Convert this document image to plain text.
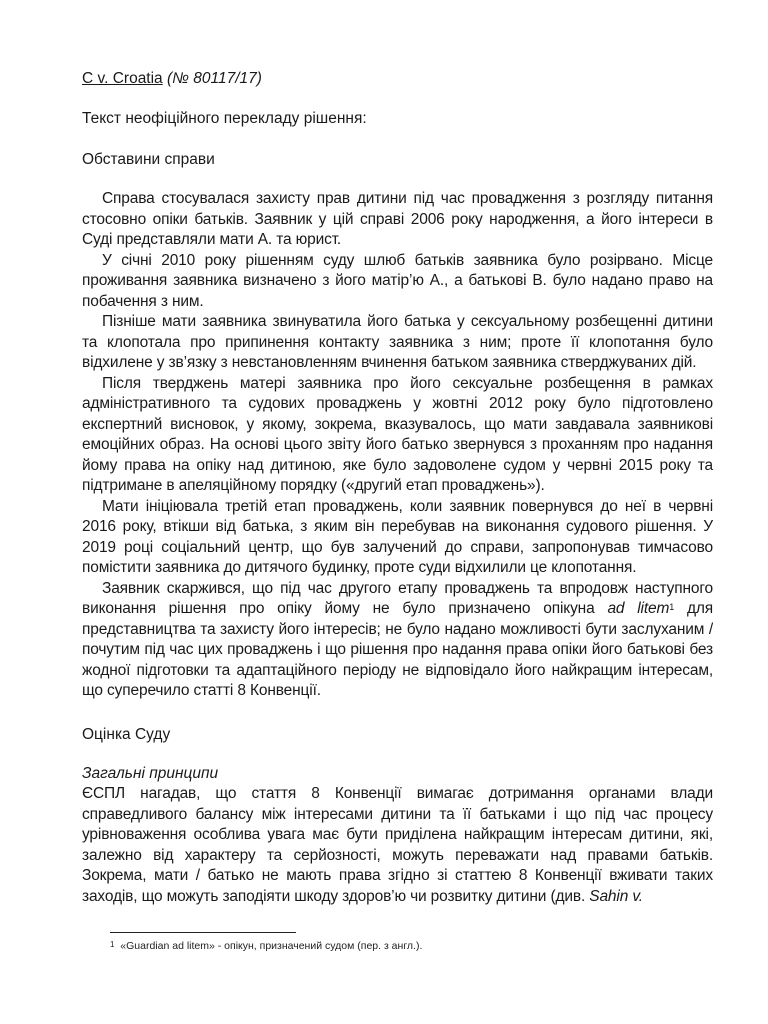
C v. Croatia (№ 80117/17)

Текст неофіційного перекладу рішення:

Обставини справи

Справа стосувалася захисту прав дитини під час провадження з розгляду питання стосовно опіки батьків. Заявник у цій справі 2006 року народження, а його інтереси в Суді представляли мати А. та юрист.

У січні 2010 року рішенням суду шлюб батьків заявника було розірвано. Місце проживання заявника визначено з його матір’ю А., а батькові В. було надано право на побачення з ним.

Пізніше мати заявника звинуватила його батька у сексуальному розбещенні дитини та клопотала про припинення контакту заявника з ним; проте її клопотання було відхилене у зв’язку з невстановленням вчинення батьком заявника стверджуваних дій.

Після тверджень матері заявника про його сексуальне розбещення в рамках адміністративного та судових проваджень у жовтні 2012 року було підготовлено експертний висновок, у якому, зокрема, вказувалось, що мати завдавала заявникові емоційних образ. На основі цього звіту його батько звернувся з проханням про надання йому права на опіку над дитиною, яке було задоволене судом у червні 2015 року та підтримане в апеляційному порядку («другий етап проваджень»).

Мати ініціювала третій етап проваджень, коли заявник повернувся до неї в червні 2016 року, втікши від батька, з яким він перебував на виконання судового рішення. У 2019 році соціальний центр, що був залучений до справи, запропонував тимчасово помістити заявника до дитячого будинку, проте суди відхилили це клопотання.

Заявник скаржився, що під час другого етапу проваджень та впродовж наступного виконання рішення про опіку йому не було призначено опікуна ad litem$^1$ для представництва та захисту його інтересів; не було надано можливості бути заслуханим / почутим під час цих проваджень і що рішення про надання права опіки його батькові без жодної підготовки та адаптаційного періоду не відповідало його найкращим інтересам, що суперечило статті 8 Конвенції.

Оцінка Суду

Загальні принципи

ЄСПЛ нагадав, що стаття 8 Конвенції вимагає дотримання органами влади справедливого балансу між інтересами дитини та її батьками і що під час процесу урівноваження особлива увага має бути приділена найкращим інтересам дитини, які, залежно від характеру та серйозності, можуть переважати над правами батьків. Зокрема, мати / батько не мають права згідно зі статтею 8 Конвенції вживати таких заходів, що можуть заподіяти шкоду здоров’ю чи розвитку дитини (див. Sahin v.

$^1$ «Guardian ad litem» - опікун, призначений судом (пер. з англ.).
